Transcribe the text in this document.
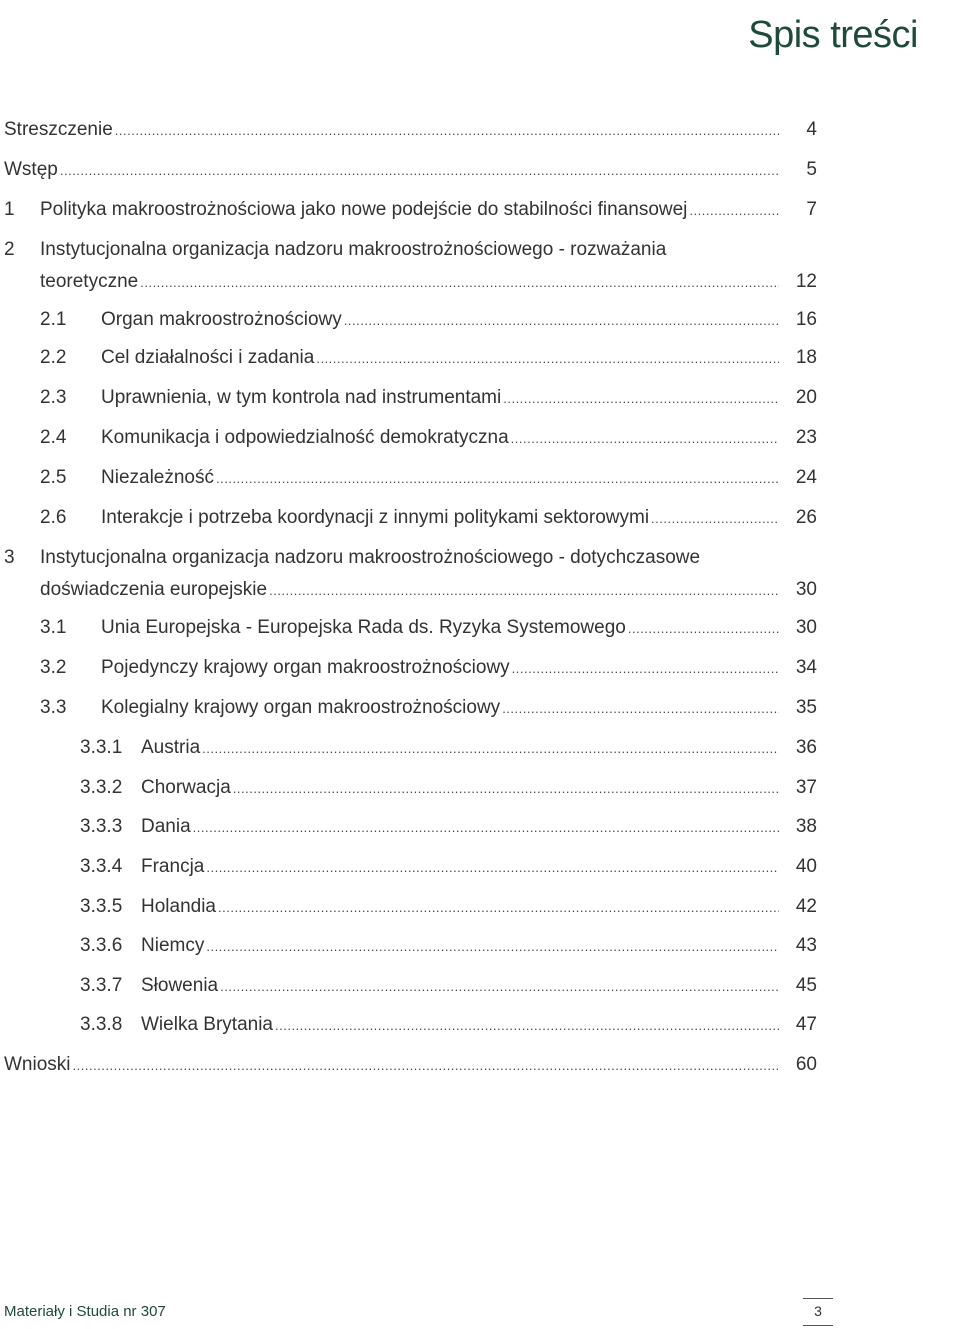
Spis treści
Streszczenie .....	4
Wstęp .....	5
1 Polityka makroostrożnościowa jako nowe podejście do stabilności finansowej .....	7
2 Instytucjonalna organizacja nadzoru makroostrożnościowego - rozważania
teoretyczne .....	12
2.1 Organ makroostrożnościowy .....	16
2.2 Cel działalności i zadania .....	18
2.3 Uprawnienia, w tym kontrola nad instrumentami .....	20
2.4 Komunikacja i odpowiedzialność demokratyczna .....	23
2.5 Niezależność .....	24
2.6 Interakcje i potrzeba koordynacji z innymi politykami sektorowymi .....	26
3 Instytucjonalna organizacja nadzoru makroostrożnościowego - dotychczasowe
doświadczenia europejskie .....	30
3.1 Unia Europejska - Europejska Rada ds. Ryzyka Systemowego .....	30
3.2 Pojedynczy krajowy organ makroostrożnościowy .....	34
3.3 Kolegialny krajowy organ makroostrożnościowy .....	35
3.3.1 Austria .....	36
3.3.2 Chorwacja .....	37
3.3.3 Dania .....	38
3.3.4 Francja .....	40
3.3.5 Holandia .....	42
3.3.6 Niemcy .....	43
3.3.7 Słowenia .....	45
3.3.8 Wielka Brytania .....	47
Wnioski .....	60
Materiały i Studia nr 307	3
